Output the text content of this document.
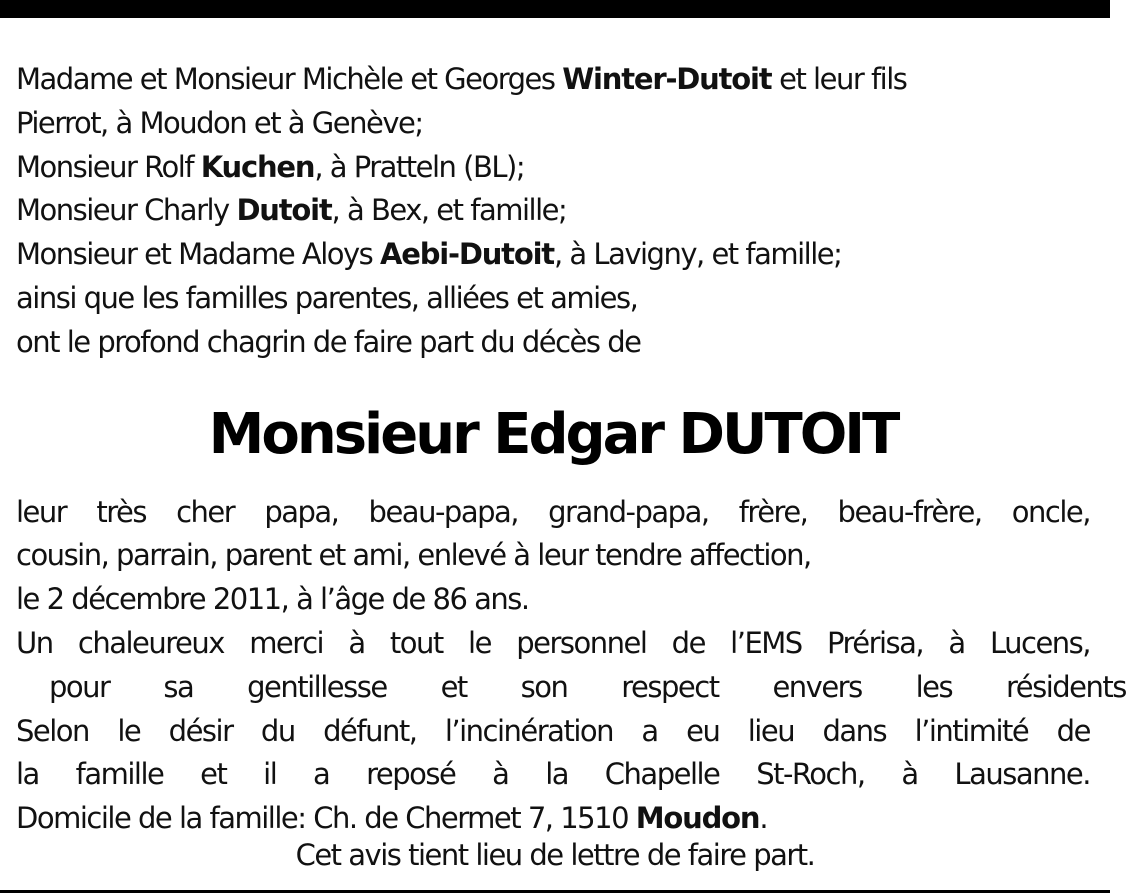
Madame et Monsieur Michèle et Georges Winter-Dutoit et leur fils
Pierrot, à Moudon et à Genève;
Monsieur Rolf Kuchen, à Pratteln (BL);
Monsieur Charly Dutoit, à Bex, et famille;
Monsieur et Madame Aloys Aebi-Dutoit, à Lavigny, et famille;
ainsi que les familles parentes, alliées et amies,
ont le profond chagrin de faire part du décès de
Monsieur Edgar DUTOIT
leur très cher papa, beau-papa, grand-papa, frère, beau-frère, oncle,
cousin, parrain, parent et ami, enlevé à leur tendre affection,
le 2 décembre 2011, à l’âge de 86 ans.
Un chaleureux merci à tout le personnel de l’EMS Prérisa, à Lucens,
pour sa gentillesse et son respect envers les résidents
Selon le désir du défunt, l’incinération a eu lieu dans l’intimité de
la famille et il a reposé à la Chapelle St-Roch, à Lausanne.
Domicile de la famille: Ch. de Chermet 7, 1510 Moudon.
Cet avis tient lieu de lettre de faire part.
